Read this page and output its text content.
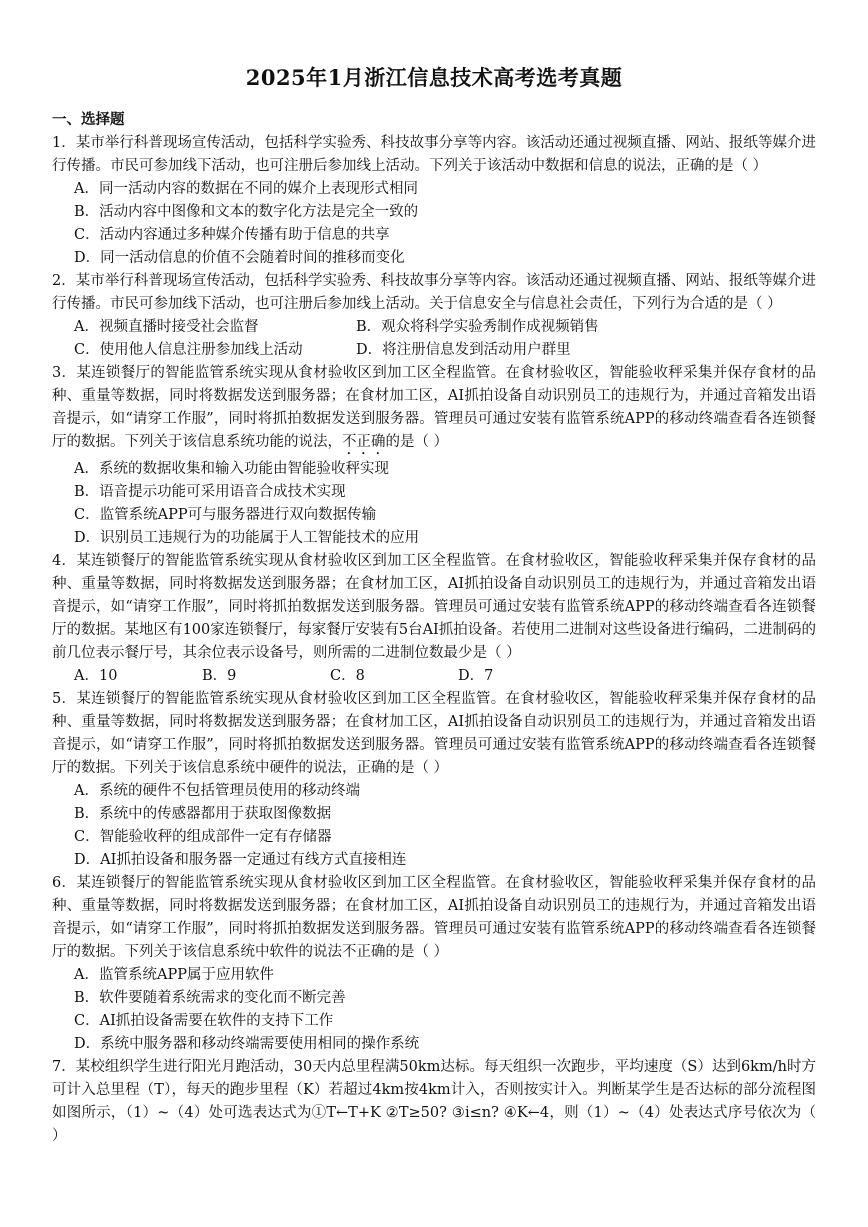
2025年1月浙江信息技术高考选考真题
一、选择题
1．某市举行科普现场宣传活动，包括科学实验秀、科技故事分享等内容。该活动还通过视频直播、网站、报纸等媒介进行传播。市民可参加线下活动，也可注册后参加线上活动。下列关于该活动中数据和信息的说法，正确的是（ ）
A．同一活动内容的数据在不同的媒介上表现形式相同
B．活动内容中图像和文本的数字化方法是完全一致的
C．活动内容通过多种媒介传播有助于信息的共享
D．同一活动信息的价值不会随着时间的推移而变化
2．某市举行科普现场宣传活动，包括科学实验秀、科技故事分享等内容。该活动还通过视频直播、网站、报纸等媒介进行传播。市民可参加线下活动，也可注册后参加线上活动。关于信息安全与信息社会责任，下列行为合适的是（ ）
A．视频直播时接受社会监督	B．观众将科学实验秀制作成视频销售
C．使用他人信息注册参加线上活动	D．将注册信息发到活动用户群里
3．某连锁餐厅的智能监管系统实现从食材验收区到加工区全程监管。在食材验收区，智能验收秤采集并保存食材的品种、重量等数据，同时将数据发送到服务器；在食材加工区，AI抓拍设备自动识别员工的违规行为，并通过音箱发出语音提示，如“请穿工作服”，同时将抓拍数据发送到服务器。管理员可通过安装有监管系统APP的移动终端查看各连锁餐厅的数据。下列关于该信息系统功能的说法，不正确的是（ ）
A．系统的数据收集和输入功能由智能验收秤实现
B．语音提示功能可采用语音合成技术实现
C．监管系统APP可与服务器进行双向数据传输
D．识别员工违规行为的功能属于人工智能技术的应用
4．某连锁餐厅的智能监管系统实现从食材验收区到加工区全程监管。在食材验收区，智能验收秤采集并保存食材的品种、重量等数据，同时将数据发送到服务器；在食材加工区，AI抓拍设备自动识别员工的违规行为，并通过音箱发出语音提示，如“请穿工作服”，同时将抓拍数据发送到服务器。管理员可通过安装有监管系统APP的移动终端查看各连锁餐厅的数据。某地区有100家连锁餐厅，每家餐厅安装有5台AI抓拍设备。若使用二进制对这些设备进行编码，二进制码的前几位表示餐厅号，其余位表示设备号，则所需的二进制位数最少是（ ）
A．10	B．9	C．8	D．7
5．某连锁餐厅的智能监管系统实现从食材验收区到加工区全程监管。在食材验收区，智能验收秤采集并保存食材的品种、重量等数据，同时将数据发送到服务器；在食材加工区，AI抓拍设备自动识别员工的违规行为，并通过音箱发出语音提示，如“请穿工作服”，同时将抓拍数据发送到服务器。管理员可通过安装有监管系统APP的移动终端查看各连锁餐厅的数据。下列关于该信息系统中硬件的说法，正确的是（ ）
A．系统的硬件不包括管理员使用的移动终端
B．系统中的传感器都用于获取图像数据
C．智能验收秤的组成部件一定有存储器
D．AI抓拍设备和服务器一定通过有线方式直接相连
6．某连锁餐厅的智能监管系统实现从食材验收区到加工区全程监管。在食材验收区，智能验收秤采集并保存食材的品种、重量等数据，同时将数据发送到服务器；在食材加工区，AI抓拍设备自动识别员工的违规行为，并通过音箱发出语音提示，如“请穿工作服”，同时将抓拍数据发送到服务器。管理员可通过安装有监管系统APP的移动终端查看各连锁餐厅的数据。下列关于该信息系统中软件的说法不正确的是（ ）
A．监管系统APP属于应用软件
B．软件要随着系统需求的变化而不断完善
C．AI抓拍设备需要在软件的支持下工作
D．系统中服务器和移动终端需要使用相同的操作系统
7．某校组织学生进行阳光月跑活动，30天内总里程满50km达标。每天组织一次跑步，平均速度（S）达到6km/h时方可计入总里程（T），每天的跑步里程（K）若超过4km按4km计入，否则按实计入。判断某学生是否达标的部分流程图如图所示，（1）~（4）处可选表达式为①T←T+K ②T≥50? ③i≤n? ④K←4，则（1）~（4）处表达式序号依次为（ ）
